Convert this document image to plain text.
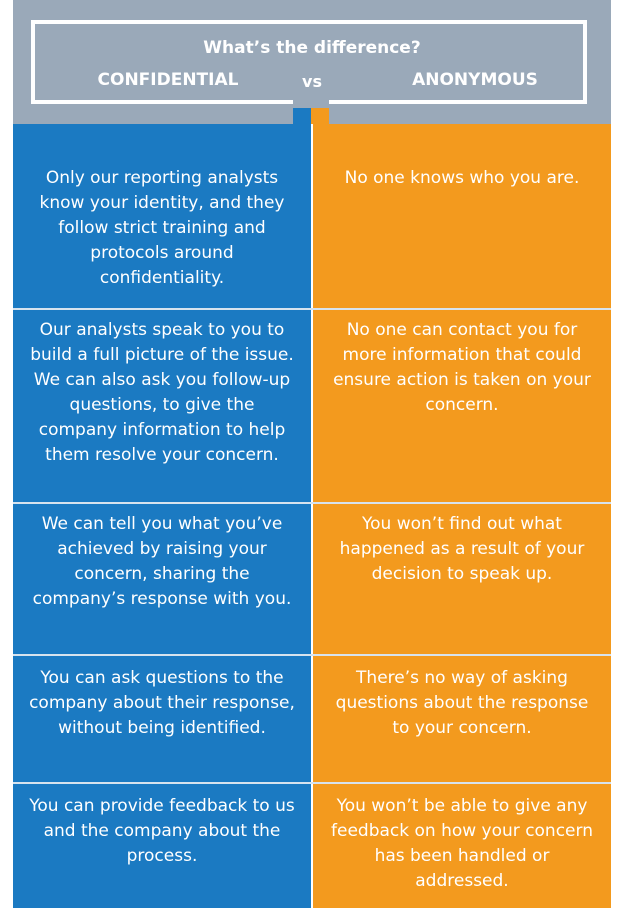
What’s the difference?
CONFIDENTIAL	vs	ANONYMOUS
Only our reporting analysts know your identity, and they follow strict training and protocols around confidentiality.
No one knows who you are.
Our analysts speak to you to build a full picture of the issue. We can also ask you follow-up questions, to give the company information to help them resolve your concern.
No one can contact you for more information that could ensure action is taken on your concern.
We can tell you what you’ve achieved by raising your concern, sharing the company’s response with you.
You won’t find out what happened as a result of your decision to speak up.
You can ask questions to the company about their response, without being identified.
There’s no way of asking questions about the response to your concern.
You can provide feedback to us and the company about the process.
You won’t be able to give any feedback on how your concern has been handled or addressed.
